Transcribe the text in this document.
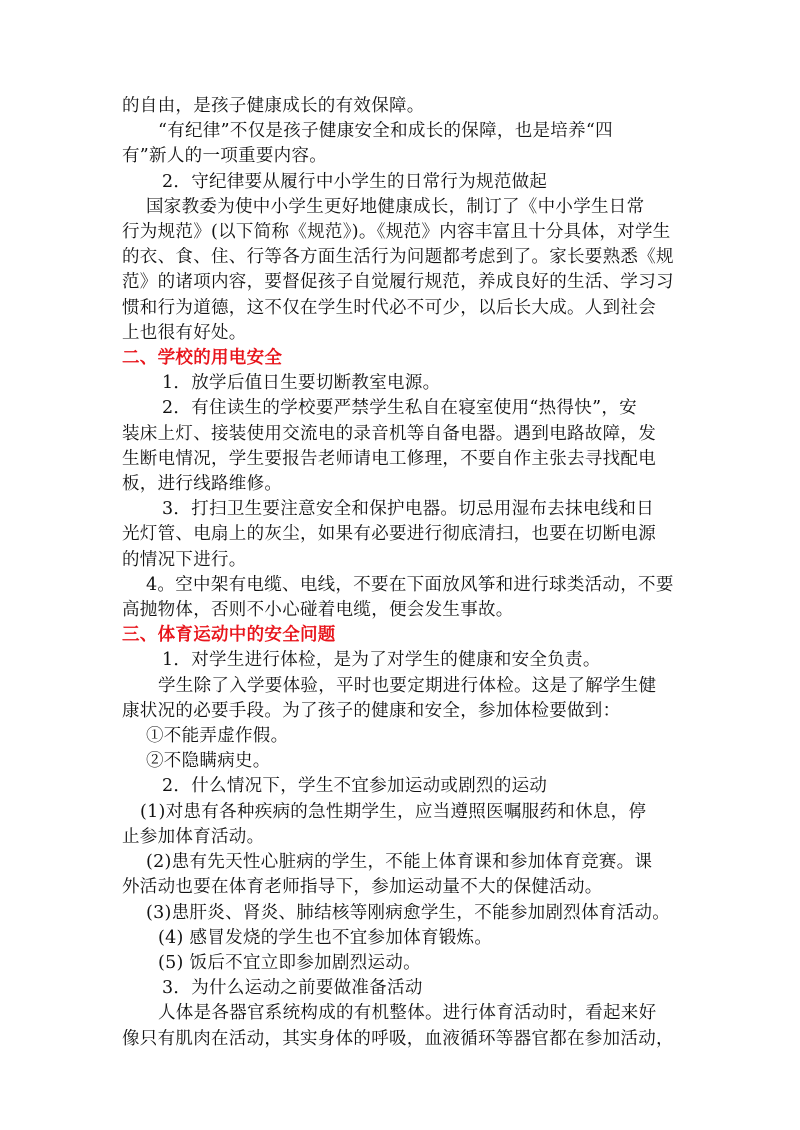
的自由，是孩子健康成长的有效保障。
“有纪律”不仅是孩子健康安全和成长的保障，也是培养“四
有”新人的一项重要内容。
2．守纪律要从履行中小学生的日常行为规范做起
国家教委为使中小学生更好地健康成长，制订了《中小学生日常
行为规范》(以下简称《规范》)。《规范》内容丰富且十分具体，对学生
的衣、食、住、行等各方面生活行为问题都考虑到了。家长要熟悉《规
范》的诸项内容，要督促孩子自觉履行规范，养成良好的生活、学习习
惯和行为道德，这不仅在学生时代必不可少，以后长大成。人到社会
上也很有好处。
二、学校的用电安全
1．放学后值日生要切断教室电源。
2．有住读生的学校要严禁学生私自在寝室使用“热得快”，安
装床上灯、接装使用交流电的录音机等自备电器。遇到电路故障，发
生断电情况，学生要报告老师请电工修理，不要自作主张去寻找配电
板，进行线路维修。
3．打扫卫生要注意安全和保护电器。切忌用湿布去抹电线和日
光灯管、电扇上的灰尘，如果有必要进行彻底清扫，也要在切断电源
的情况下进行。
4。空中架有电缆、电线，不要在下面放风筝和进行球类活动，不要
高抛物体，否则不小心碰着电缆，便会发生事故。
三、体育运动中的安全问题
1．对学生进行体检，是为了对学生的健康和安全负责。
学生除了入学要体验，平时也要定期进行体检。这是了解学生健
康状况的必要手段。为了孩子的健康和安全，参加体检要做到：
①不能弄虚作假。
②不隐瞒病史。
2．什么情况下，学生不宜参加运动或剧烈的运动
(1)对患有各种疾病的急性期学生，应当遵照医嘱服药和休息，停
止参加体育活动。
(2)患有先天性心脏病的学生，不能上体育课和参加体育竞赛。课
外活动也要在体育老师指导下，参加运动量不大的保健活动。
(3)患肝炎、肾炎、肺结核等刚病愈学生，不能参加剧烈体育活动。
(4) 感冒发烧的学生也不宜参加体育锻炼。
(5) 饭后不宜立即参加剧烈运动。
3．为什么运动之前要做准备活动
人体是各器官系统构成的有机整体。进行体育活动时，看起来好
像只有肌肉在活动，其实身体的呼吸，血液循环等器官都在参加活动，
